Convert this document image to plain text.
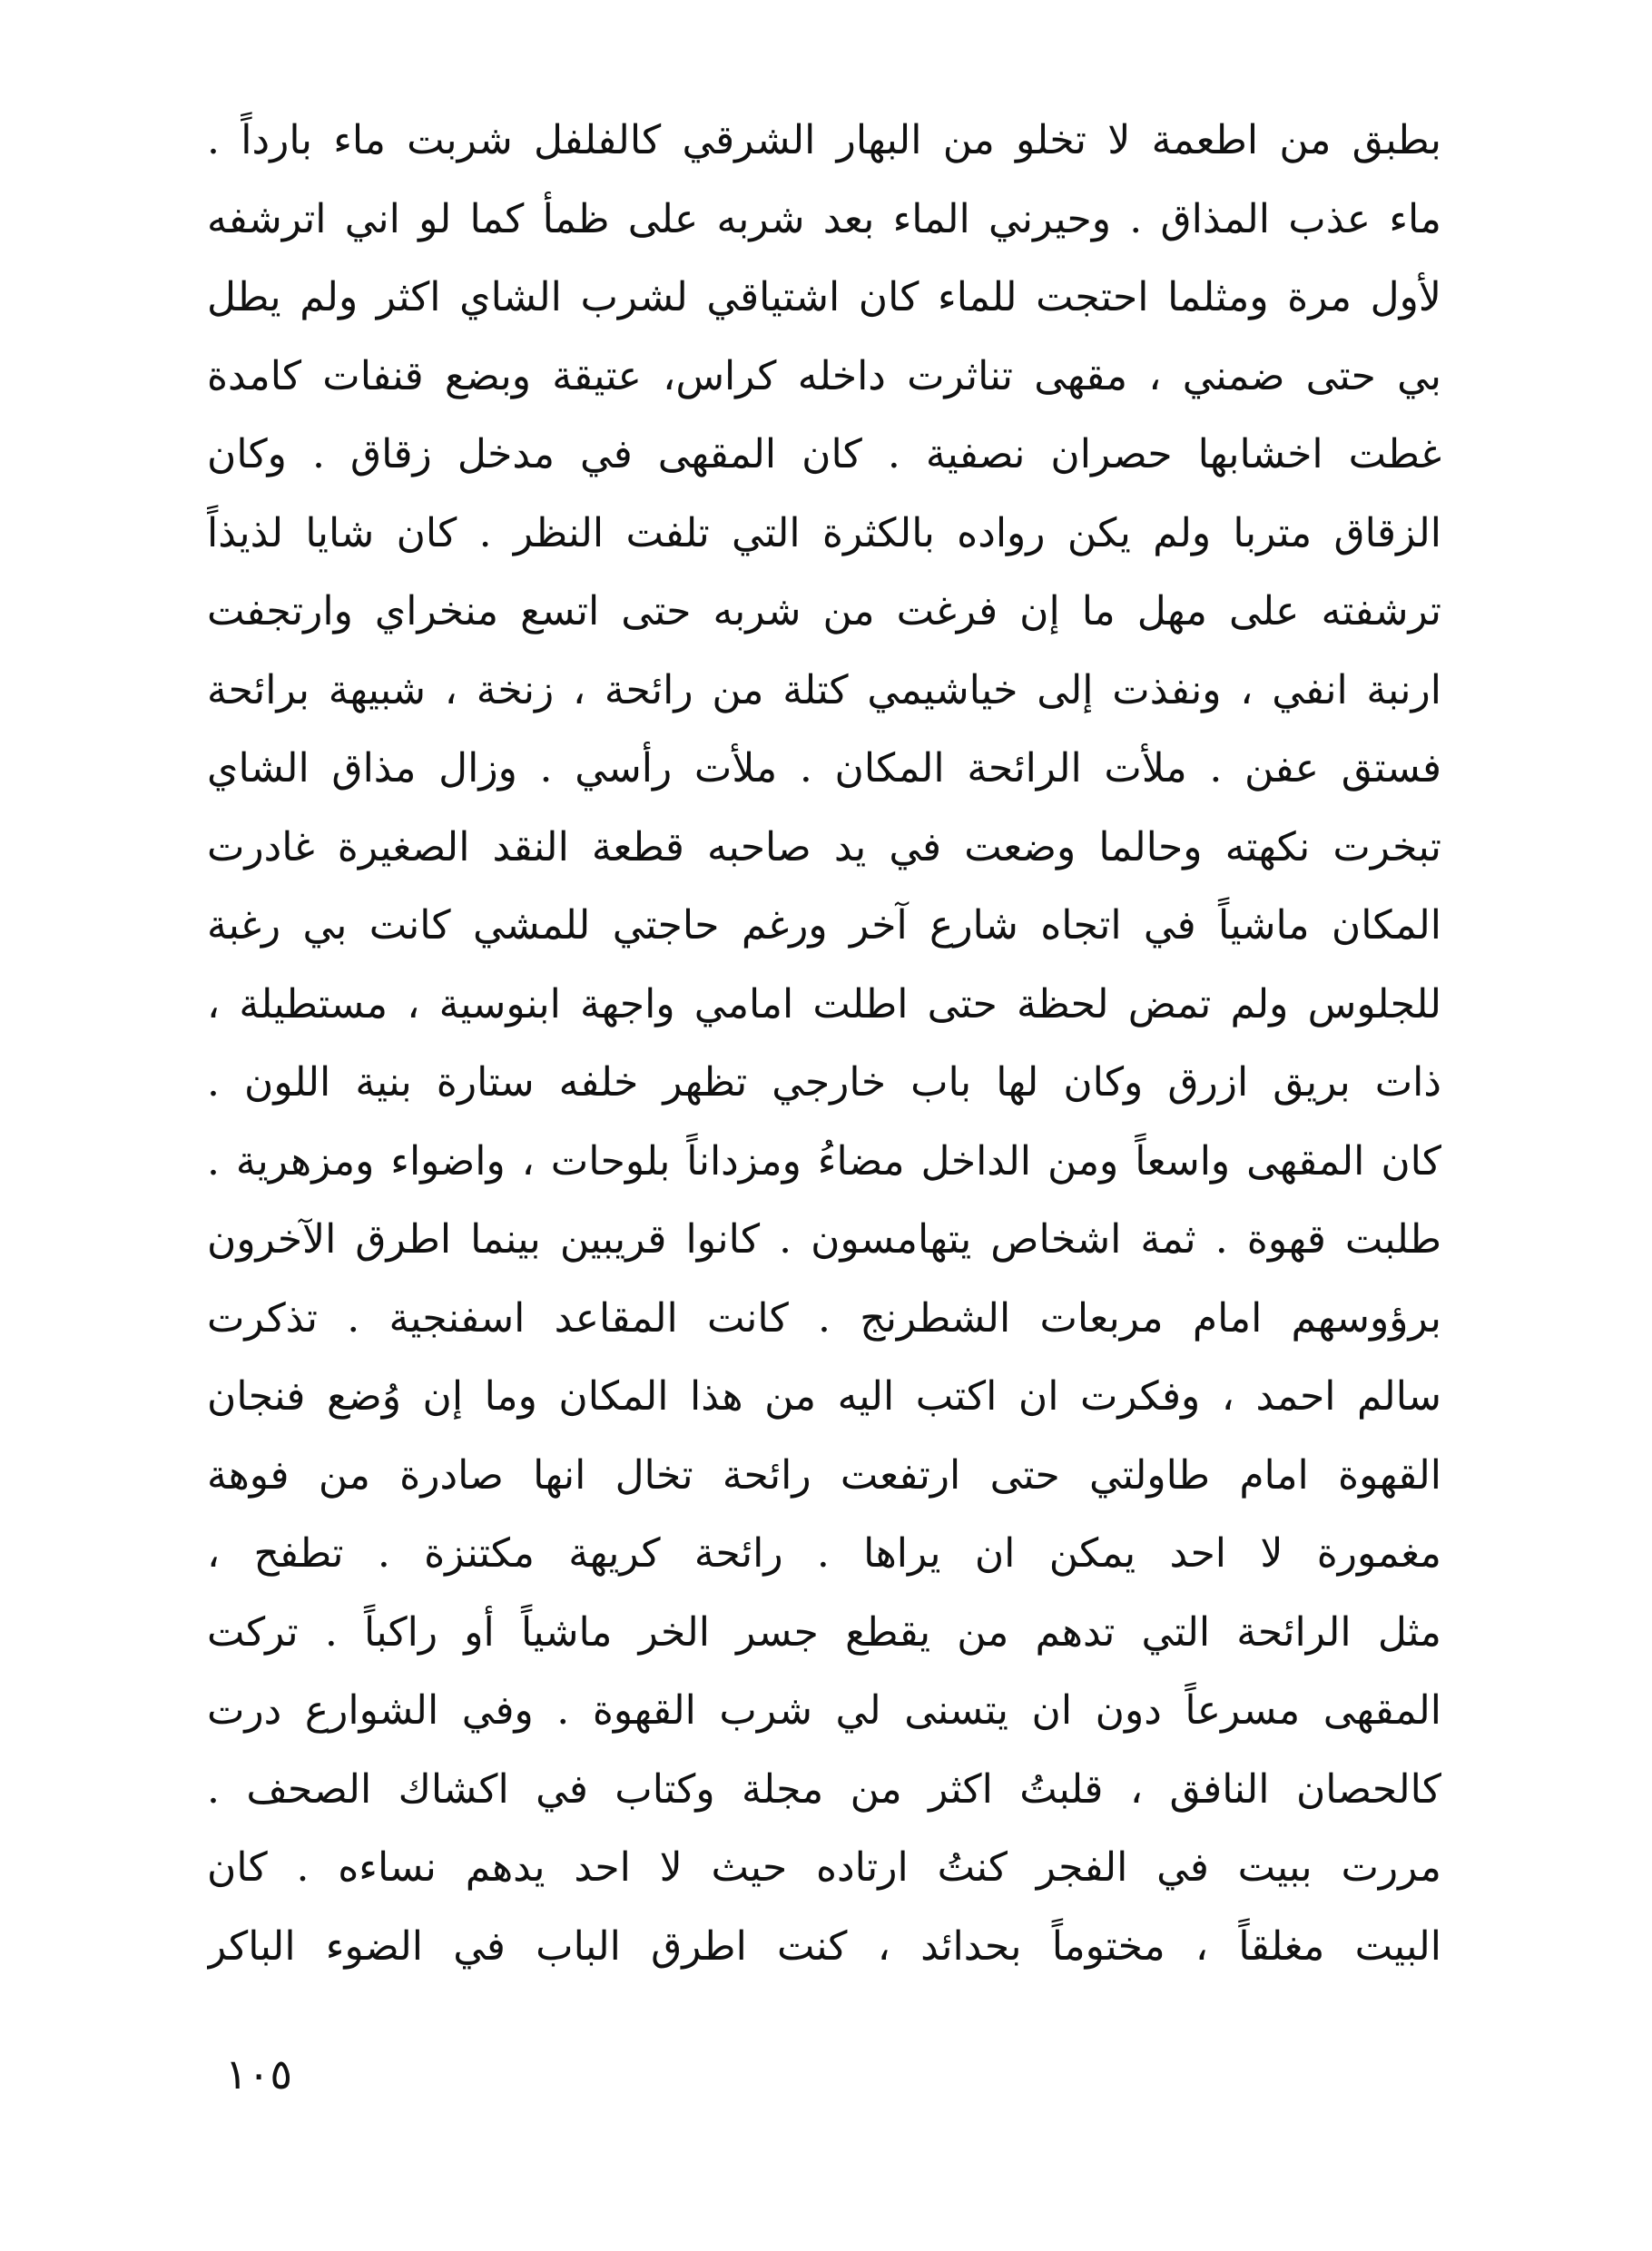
بطبق من اطعمة لا تخلو من البهار الشرقي كالفلفل شربت ماء بارداً .
ماء عذب المذاق . وحيرني الماء بعد شربه على ظمأ كما لو اني اترشفه
لأول مرة ومثلما احتجت للماء كان اشتياقي لشرب الشاي اكثر ولم يطل
بي حتى ضمني ، مقهى تناثرت داخله كراس، عتيقة وبضع قنفات كامدة
غطت اخشابها حصران نصفية . كان المقهى في مدخل زقاق . وكان
الزقاق متربا ولم يكن رواده بالكثرة التي تلفت النظر . كان شايا لذيذاً
ترشفته على مهل ما إن فرغت من شربه حتى اتسع منخراي وارتجفت
ارنبة انفي ، ونفذت إلى خياشيمي كتلة من رائحة ، زنخة ، شبيهة برائحة
فستق عفن . ملأت الرائحة المكان . ملأت رأسي . وزال مذاق الشاي
تبخرت نكهته وحالما وضعت في يد صاحبه قطعة النقد الصغيرة غادرت
المكان ماشياً في اتجاه شارع آخر ورغم حاجتي للمشي كانت بي رغبة
للجلوس ولم تمض لحظة حتى اطلت امامي واجهة ابنوسية ، مستطيلة ،
ذات بريق ازرق وكان لها باب خارجي تظهر خلفه ستارة بنية اللون .
كان المقهى واسعاً ومن الداخل مضاءُ ومزداناً بلوحات ، واضواء ومزهرية .
طلبت قهوة . ثمة اشخاص يتهامسون . كانوا قريبين بينما اطرق الآخرون
برؤوسهم امام مربعات الشطرنج . كانت المقاعد اسفنجية . تذكرت
سالم احمد ، وفكرت ان اكتب اليه من هذا المكان وما إن وُضع فنجان
القهوة امام طاولتي حتى ارتفعت رائحة تخال انها صادرة من فوهة
مغمورة لا احد يمكن ان يراها . رائحة كريهة مكتنزة . تطفح ،
مثل الرائحة التي تدهم من يقطع جسر الخر ماشياً أو راكباً . تركت
المقهى مسرعاً دون ان يتسنى لي شرب القهوة . وفي الشوارع درت
كالحصان النافق ، قلبتُ اكثر من مجلة وكتاب في اكشاك الصحف .
مررت ببيت في الفجر كنتُ ارتاده حيث لا احد يدهم نساءه . كان
البيت مغلقاً ، مختوماً بحدائد ، كنت اطرق الباب في الضوء الباكر
١٠٥
